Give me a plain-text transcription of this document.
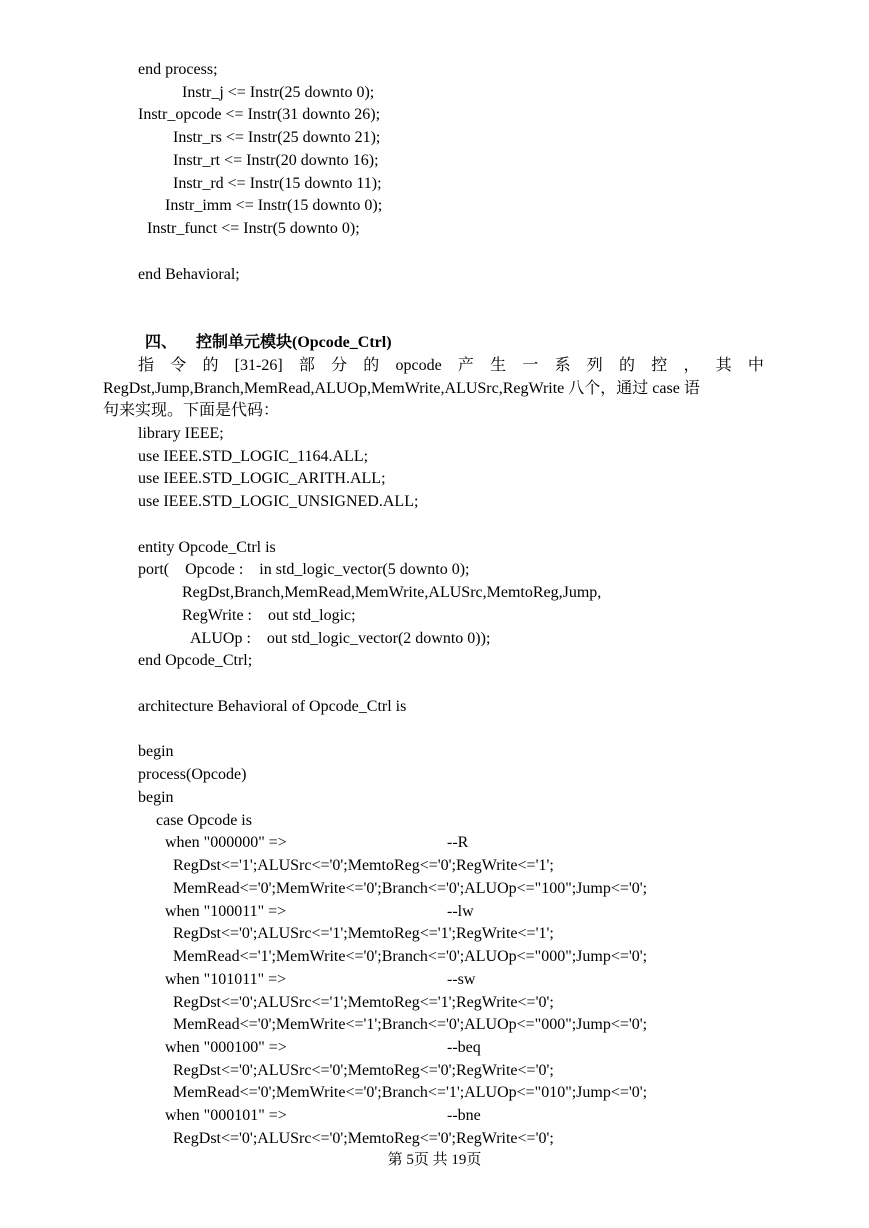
end process;
Instr_j <= Instr(25 downto 0);
Instr_opcode <= Instr(31 downto 26);
Instr_rs <= Instr(25 downto 21);
Instr_rt <= Instr(20 downto 16);
Instr_rd <= Instr(15 downto 11);
Instr_imm <= Instr(15 downto 0);
Instr_funct <= Instr(5 downto 0);
end Behavioral;
四、 控制单元模块(Opcode_Ctrl)
指 令 的 [31-26] 部 分 的 opcode 产 生 一 系 列 的 控 ， 其 中
RegDst,Jump,Branch,MemRead,ALUOp,MemWrite,ALUSrc,RegWrite 八个，通过 case 语
句来实现。下面是代码：
library IEEE;
use IEEE.STD_LOGIC_1164.ALL;
use IEEE.STD_LOGIC_ARITH.ALL;
use IEEE.STD_LOGIC_UNSIGNED.ALL;
entity Opcode_Ctrl is
port(    Opcode :    in std_logic_vector(5 downto 0);
RegDst,Branch,MemRead,MemWrite,ALUSrc,MemtoReg,Jump,
RegWrite :    out std_logic;
ALUOp :    out std_logic_vector(2 downto 0));
end Opcode_Ctrl;
architecture Behavioral of Opcode_Ctrl is
begin
process(Opcode)
begin
case Opcode is
when "000000" =>	--R
RegDst<='1';ALUSrc<='0';MemtoReg<='0';RegWrite<='1';
MemRead<='0';MemWrite<='0';Branch<='0';ALUOp<="100";Jump<='0';
when "100011" =>	--lw
RegDst<='0';ALUSrc<='1';MemtoReg<='1';RegWrite<='1';
MemRead<='1';MemWrite<='0';Branch<='0';ALUOp<="000";Jump<='0';
when "101011" =>	--sw
RegDst<='0';ALUSrc<='1';MemtoReg<='1';RegWrite<='0';
MemRead<='0';MemWrite<='1';Branch<='0';ALUOp<="000";Jump<='0';
when "000100" =>	--beq
RegDst<='0';ALUSrc<='0';MemtoReg<='0';RegWrite<='0';
MemRead<='0';MemWrite<='0';Branch<='1';ALUOp<="010";Jump<='0';
when "000101" =>	--bne
RegDst<='0';ALUSrc<='0';MemtoReg<='0';RegWrite<='0';
第 5页 共 19页
